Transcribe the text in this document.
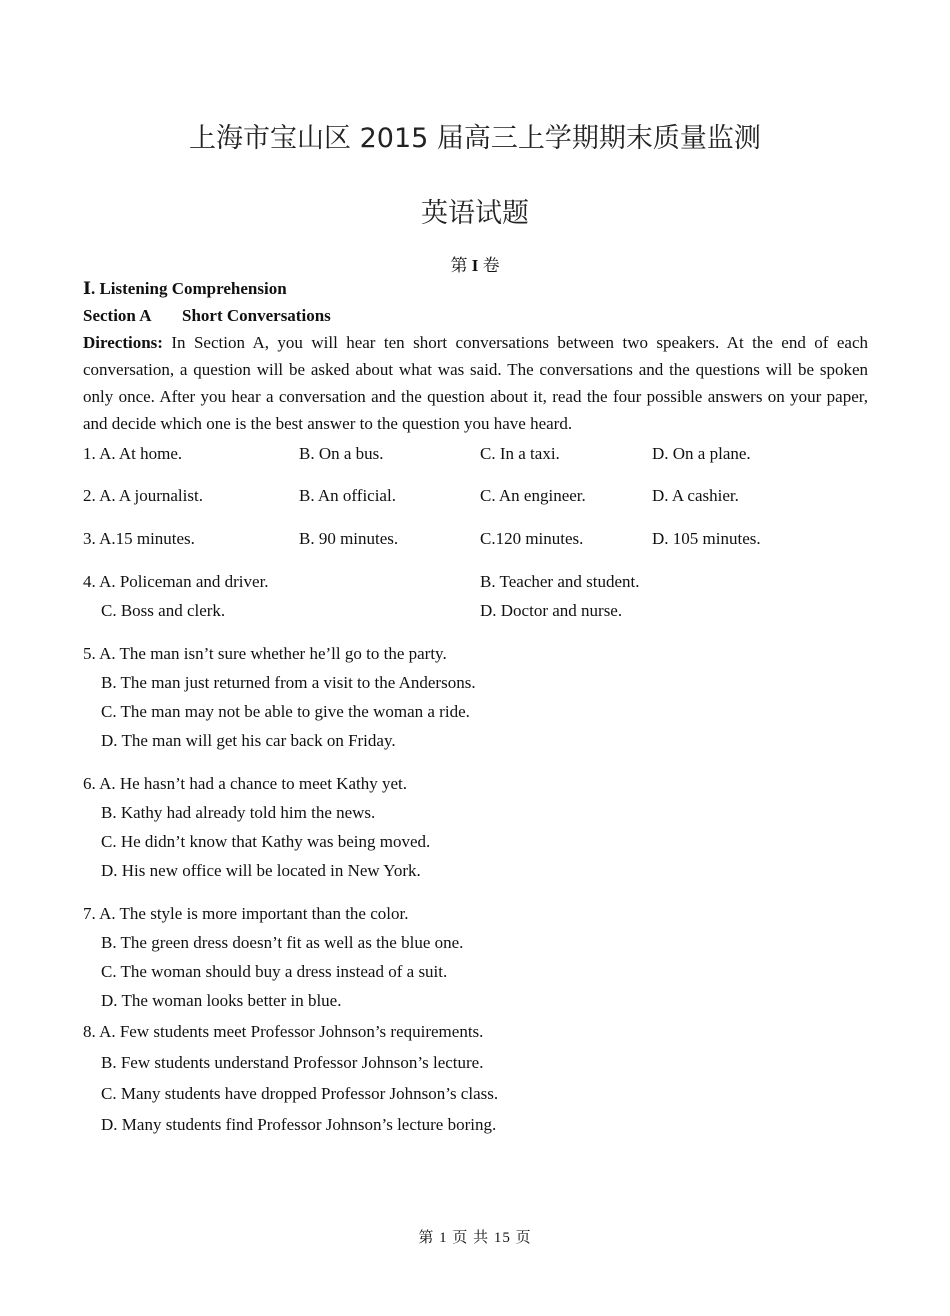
上海市宝山区 2015 届高三上学期期末质量监测
英语试题
第 I 卷
Ⅰ. Listening Comprehension
Section A Short Conversations
Directions: In Section A, you will hear ten short conversations between two speakers. At the end of each conversation, a question will be asked about what was said. The conversations and the questions will be spoken only once. After you hear a conversation and the question about it, read the four possible answers on your paper, and decide which one is the best answer to the question you have heard.
1. A. At home.	B. On a bus.	C. In a taxi.	D. On a plane.
2. A. A journalist.	B. An official.	C. An engineer.	D. A cashier.
3. A.15 minutes.	B. 90 minutes.	C.120 minutes.	D. 105 minutes.
4. A. Policeman and driver.	B. Teacher and student.
C. Boss and clerk.	D. Doctor and nurse.
5. A. The man isn’t sure whether he’ll go to the party.
B. The man just returned from a visit to the Andersons.
C. The man may not be able to give the woman a ride.
D. The man will get his car back on Friday.
6. A. He hasn’t had a chance to meet Kathy yet.
B. Kathy had already told him the news.
C. He didn’t know that Kathy was being moved.
D. His new office will be located in New York.
7. A. The style is more important than the color.
B. The green dress doesn’t fit as well as the blue one.
C. The woman should buy a dress instead of a suit.
D. The woman looks better in blue.
8. A. Few students meet Professor Johnson’s requirements.
B. Few students understand Professor Johnson’s lecture.
C. Many students have dropped Professor Johnson’s class.
D. Many students find Professor Johnson’s lecture boring.
第 1 页 共 15 页
